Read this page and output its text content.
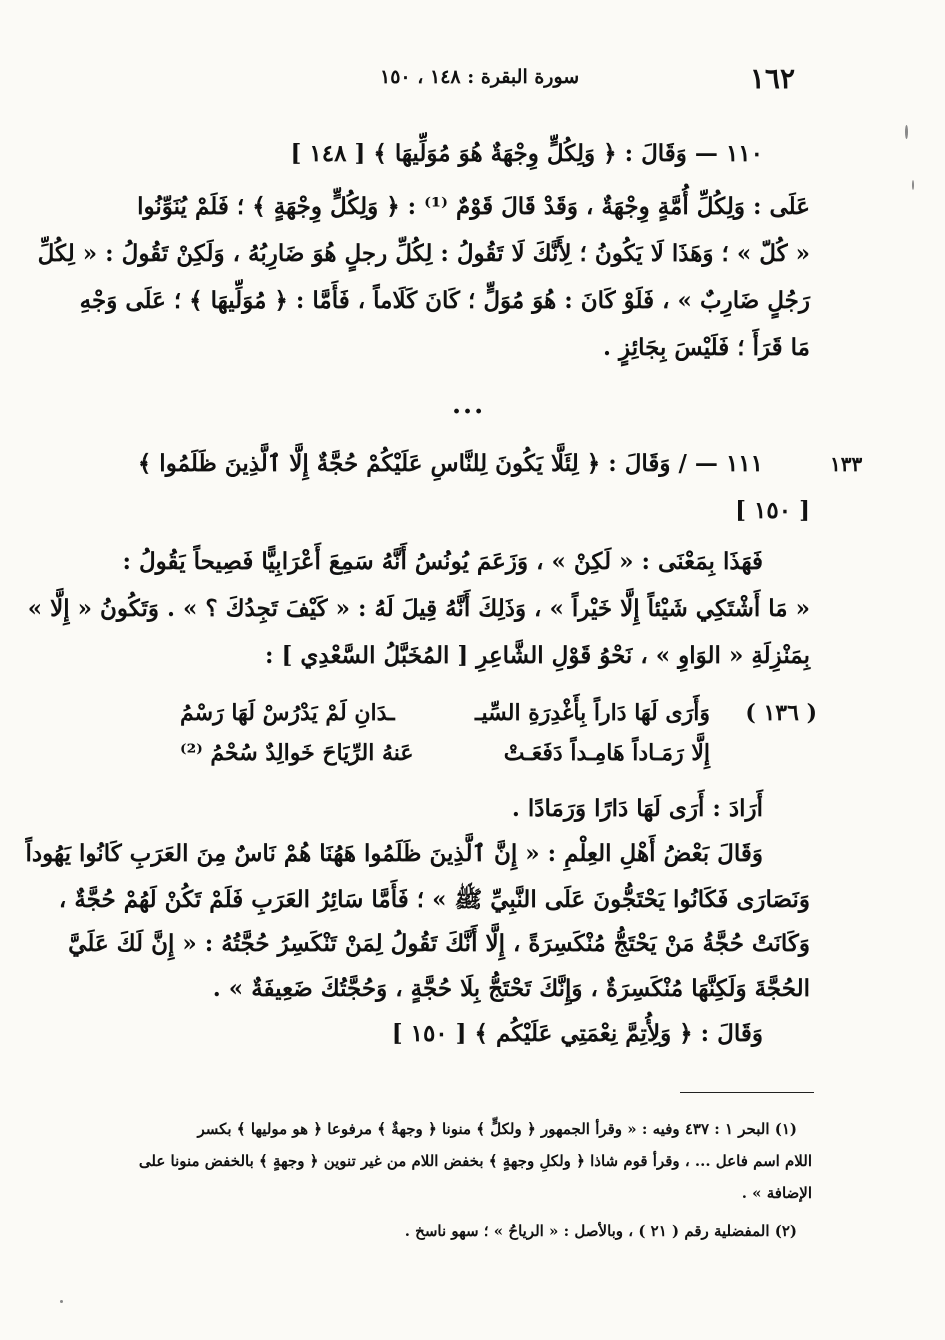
١٦٢
سورة البقرة : ١٤٨ ، ١٥٠
١١٠ — وَقَالَ : ﴿ وَلِكُلٍّ وِجْهَةٌ هُوَ مُوَلِّيهَا ﴾ [ ١٤٨ ]
عَلَى : وَلِكُلِّ أُمَّةٍ وِجْهَةٌ ، وَقَدْ قَالَ قَوْمٌ ⁽¹⁾ : ﴿ وَلِكُلٍّ وِجْهَةٍ ﴾ ؛ فَلَمْ يُنَوِّنُوا
« كُلّ » ؛ وَهَذَا لَا يَكُونُ ؛ لِأَنَّكَ لَا تَقُولُ : لِكُلِّ رجلٍ هُوَ ضَارِبُهُ ، وَلَكِنْ تَقُولُ : « لِكُلِّ
رَجُلٍ ضَارِبٌ » ، فَلَوْ كَانَ : هُوَ مُوَلٍّ ؛ كَانَ كَلَاماً ، فَأَمَّا : ﴿ مُوَلِّيهَا ﴾ ؛ عَلَى وَجْهِ
مَا قَرَأَ ؛ فَلَيْسَ بِجَائِزٍ .
...
١٣٣
١١١ — / وَقَالَ : ﴿ لِئَلَّا يَكُونَ لِلنَّاسِ عَلَيْكُمْ حُجَّةٌ إِلَّا ٱلَّذِينَ ظَلَمُوا ﴾
[ ١٥٠ ]
فَهَذَا بِمَعْنَى : « لَكِنْ » ، وَزَعَمَ يُونُسُ أَنَّهُ سَمِعَ أَعْرَابِيًّا فَصِيحاً يَقُولُ :
« مَا أَشْتَكِي شَيْئاً إِلَّا خَيْراً » ، وَذَلِكَ أَنَّهُ قِيلَ لَهُ : « كَيْفَ تَجِدُكَ ؟ » . وَتَكُونُ « إِلَّا »
بِمَنْزِلَةِ « الوَاوِ » ، نَحْوُ قَوْلِ الشَّاعِرِ [ المُخَبَّلُ السَّعْدِي ] :
( ١٣٦ )
وَأَرَى لَهَا دَاراً بِأَغْدِرَةِ السِّيـ
ـدَانِ لَمْ يَدْرُسْ لَهَا رَسْمُ
إِلَّا رَمَـاداً هَامِـداً دَفَعَـتْ
عَنهُ الرِّيَاحَ خَوالِدٌ سُحْمُ ⁽²⁾
أَرَادَ : أَرَى لَهَا دَارًا وَرَمَادًا .
وَقَالَ بَعْضُ أَهْلِ العِلْمِ : « إِنَّ ٱلَّذِينَ ظَلَمُوا هَهُنَا هُمْ نَاسٌ مِنَ العَرَبِ كَانُوا يَهُوداً
وَنَصَارَى فَكَانُوا يَحْتَجُّونَ عَلَى النَّبِيِّ ﷺ » ؛ فَأَمَّا سَائِرُ العَرَبِ فَلَمْ تَكُنْ لَهُمْ حُجَّةٌ ،
وَكَانَتْ حُجَّةُ مَنْ يَحْتَجُّ مُنْكَسِرَةً ، إِلَّا أَنَّكَ تَقُولُ لِمَنْ تَنْكَسِرُ حُجَّتُهُ : « إِنَّ لَكَ عَلَيَّ
الحُجَّةَ وَلَكِنَّهَا مُنْكَسِرَةٌ ، وَإِنَّكَ تَحْتَجُّ بِلَا حُجَّةٍ ، وَحُجَّتُكَ ضَعِيفَةٌ » .
وَقَالَ : ﴿ وَلِأُتِمَّ نِعْمَتِي عَلَيْكُم ﴾ [ ١٥٠ ]
(١) البحر ١ : ٤٣٧ وفيه : « وقرأ الجمهور ﴿ ولكلٍّ ﴾ منونا ﴿ وجهةٌ ﴾ مرفوعا ﴿ هو موليها ﴾ بكسر
اللام اسم فاعل ... ، وقرأ قوم شاذا ﴿ ولكلِ وجهةٍ ﴾ بخفض اللام من غير تنوين ﴿ وجهةٍ ﴾ بالخفض منونا على
الإضافة » .
(٢) المفضلية رقم ( ٢١ ) ، وبالأصل : « الرياحُ » ؛ سهو ناسخ .
